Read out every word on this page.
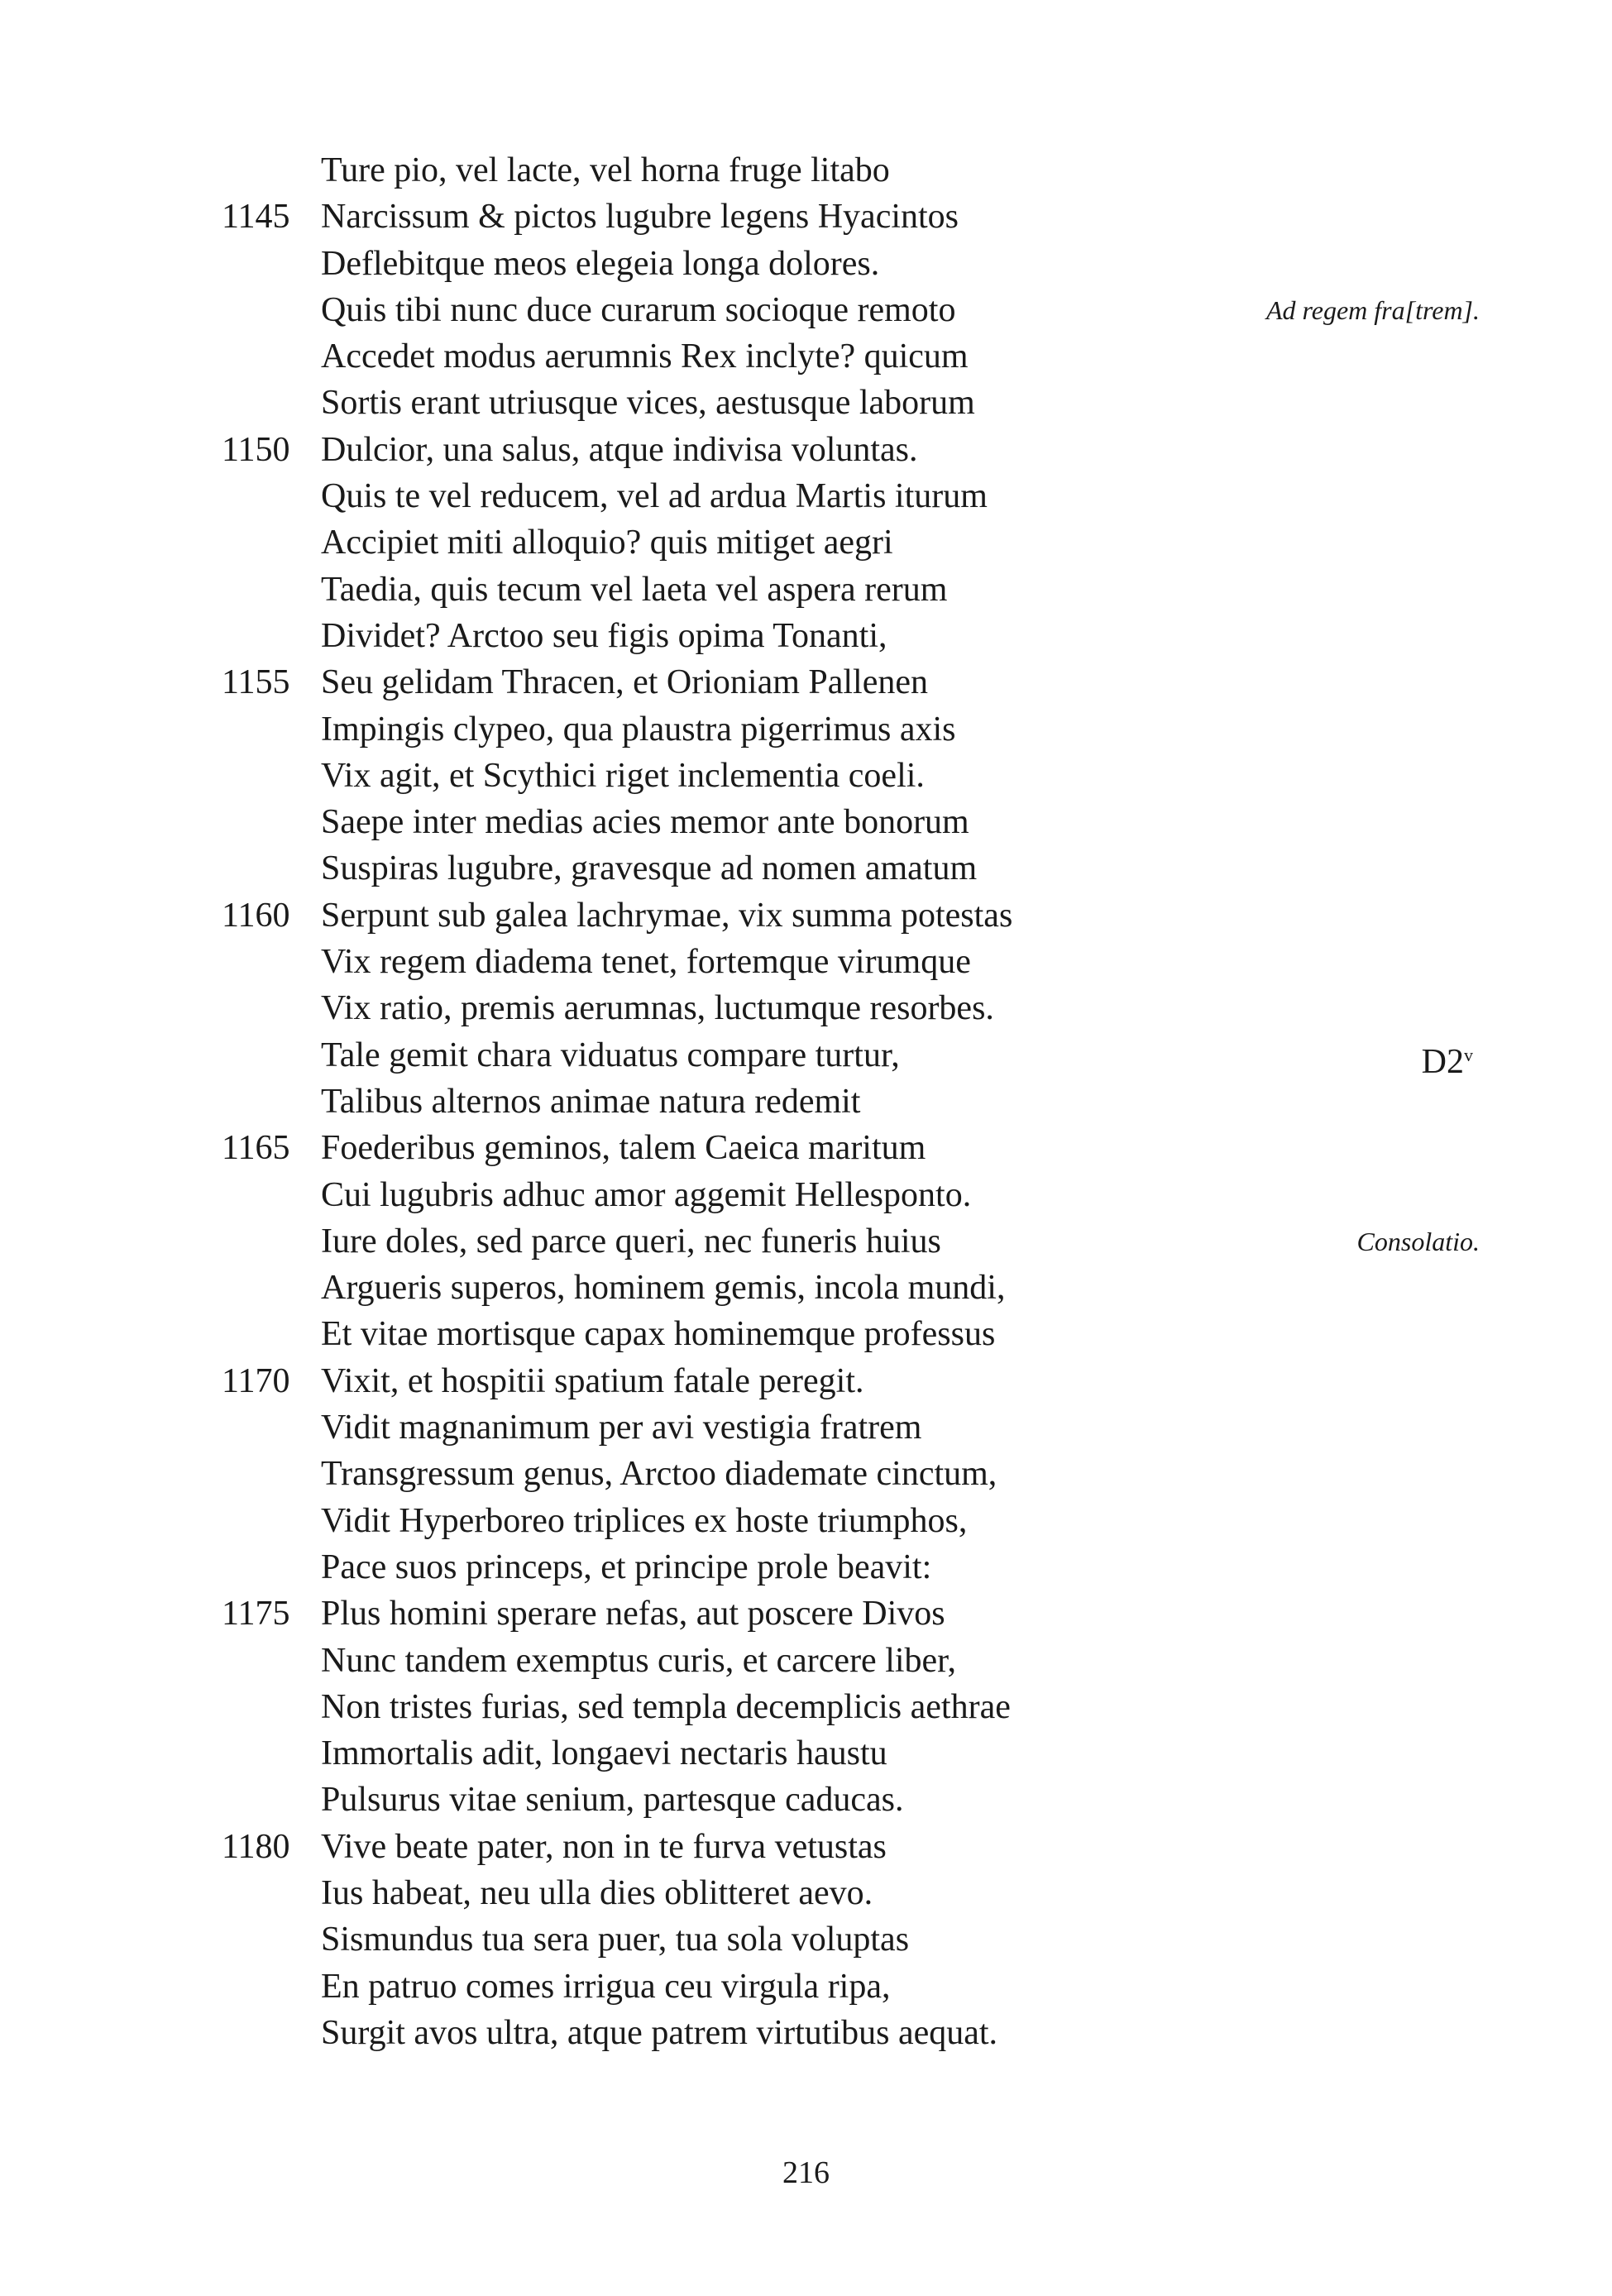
Ture pio, vel lacte, vel horna fruge litabo
1145 Narcissum & pictos lugubre legens Hyacintos
Deflebitque meos elegeia longa dolores.
Quis tibi nunc duce curarum socioque remoto	Ad regem fra[trem].
Accedet modus aerumnis Rex inclyte? quicum
Sortis erant utriusque vices, aestusque laborum
1150 Dulcior, una salus, atque indivisa voluntas.
Quis te vel reducem, vel ad ardua Martis iturum
Accipiet miti alloquio? quis mitiget aegri
Taedia, quis tecum vel laeta vel aspera rerum
Dividet? Arctoo seu figis opima Tonanti,
1155 Seu gelidam Thracen, et Orioniam Pallenen
Impingis clypeo, qua plaustra pigerrimus axis
Vix agit, et Scythici riget inclementia coeli.
Saepe inter medias acies memor ante bonorum
Suspiras lugubre, gravesque ad nomen amatum
1160 Serpunt sub galea lachrymae, vix summa potestas
Vix regem diadema tenet, fortemque virumque
Vix ratio, premis aerumnas, luctumque resorbes.
Tale gemit chara viduatus compare turtur,	D2$^v$
Talibus alternos animae natura redemit
1165 Foederibus geminos, talem Caeica maritum
Cui lugubris adhuc amor aggemit Hellesponto.
Iure doles, sed parce queri, nec funeris huius	Consolatio.
Argueris superos, hominem gemis, incola mundi,
Et vitae mortisque capax hominemque professus
1170 Vixit, et hospitii spatium fatale peregit.
Vidit magnanimum per avi vestigia fratrem
Transgressum genus, Arctoo diademate cinctum,
Vidit Hyperboreo triplices ex hoste triumphos,
Pace suos princeps, et principe prole beavit:
1175 Plus homini sperare nefas, aut poscere Divos
Nunc tandem exemptus curis, et carcere liber,
Non tristes furias, sed templa decemplicis aethrae
Immortalis adit, longaevi nectaris haustu
Pulsurus vitae senium, partesque caducas.
1180 Vive beate pater, non in te furva vetustas
Ius habeat, neu ulla dies oblitteret aevo.
Sismundus tua sera puer, tua sola voluptas
En patruo comes irrigua ceu virgula ripa,
Surgit avos ultra, atque patrem virtutibus aequat.
216
